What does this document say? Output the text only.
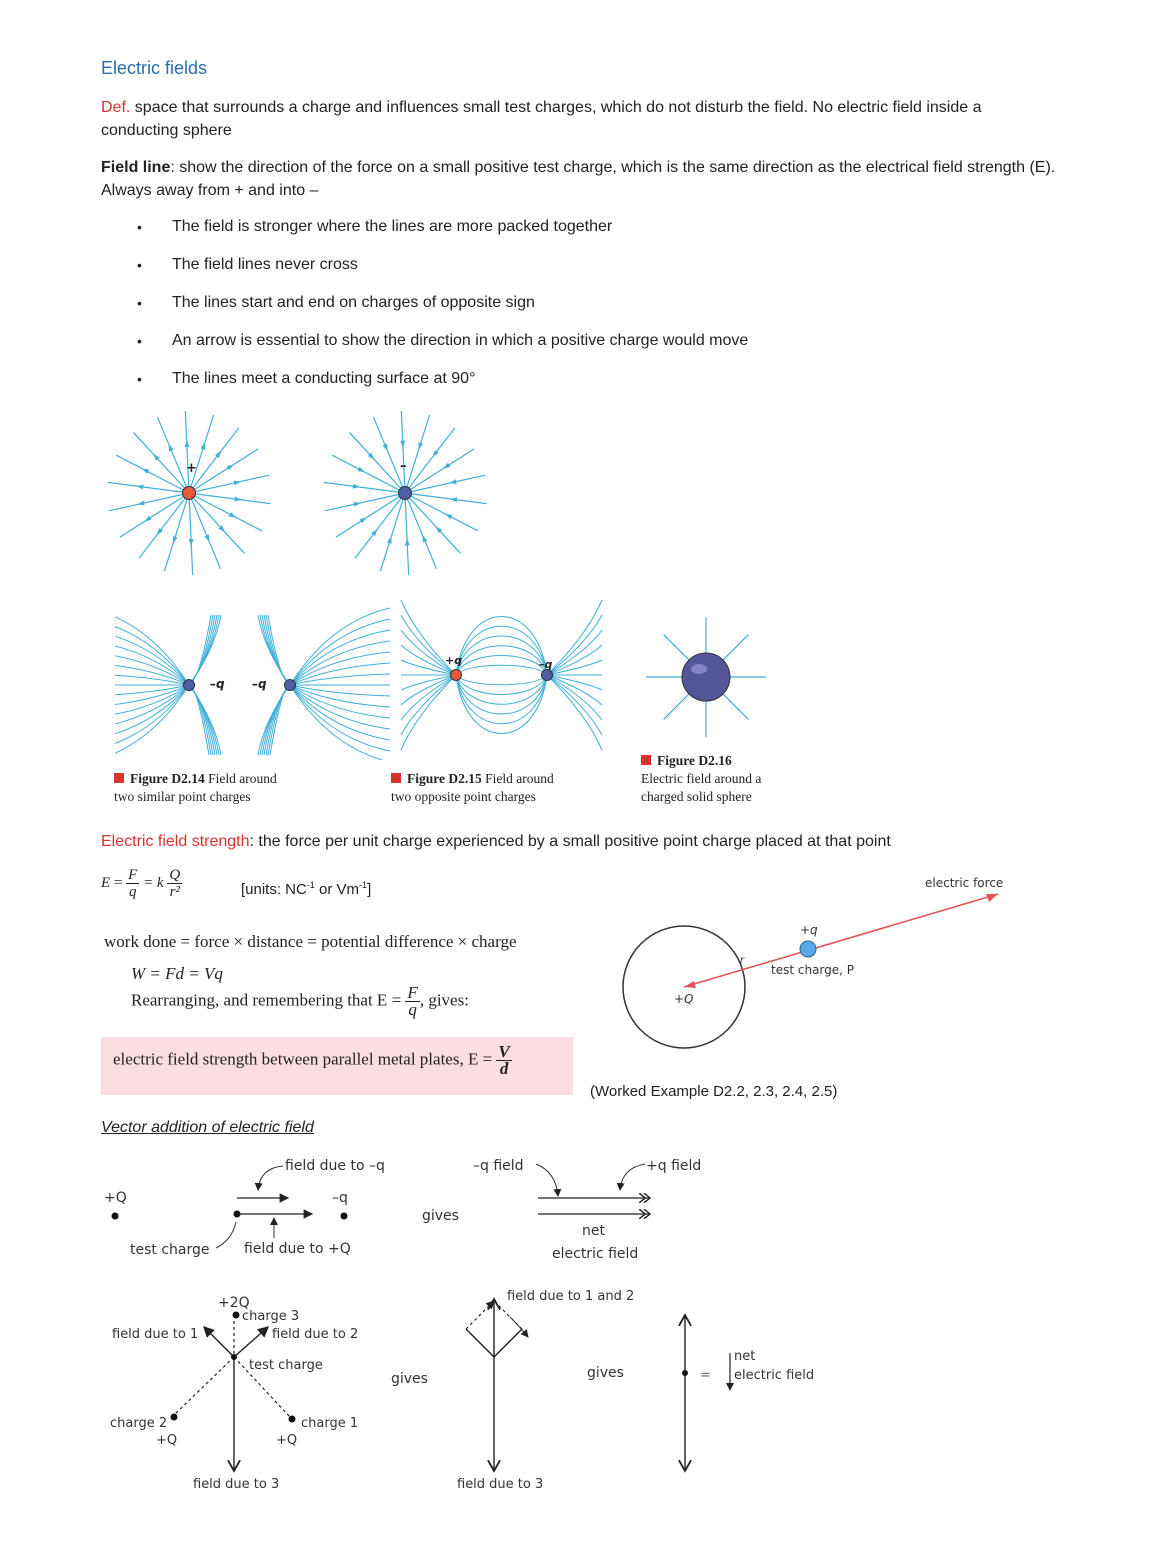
Electric fields
Def. space that surrounds a charge and influences small test charges, which do not disturb the field. No electric field inside a conducting sphere
Field line: show the direction of the force on a small positive test charge, which is the same direction as the electrical field strength (E). Always away from + and into –
• The field is stronger where the lines are more packed together
• The field lines never cross
• The lines start and end on charges of opposite sign
• An arrow is essential to show the direction in which a positive charge would move
• The lines meet a conducting surface at 90°
+	–
–q –q
+q	–q
Figure D2.14 Field around
two similar point charges
Figure D2.15 Field around
two opposite point charges
Figure D2.16
Electric field around a
charged solid sphere
Electric field strength: the force per unit charge experienced by a small positive point charge placed at that point
$E = \frac{F}{q} = k \frac{Q}{\text{r²}}$	[units: $NC^{-1}$ or $Vm^{-1}$]
work done = force × distance = potential difference × charge
W = Fd = Vq
Rearranging, and remembering that $E = \frac{F}{q}$ , gives:
electric field strength between parallel metal plates, $E = \frac{V}{d}$
electric force
+q
test charge, P
r
+Q
(Worked Example D2.2, 2.3, 2.4, 2.5)
Vector addition of electric field
+Q	–q
field due to –q
field due to +Q
test charge
gives
–q field	+q field
net
electric field
+2Q
charge 3
field due to 1	field due to 2
test charge
charge 2
+Q
charge 1
+Q
field due to 3
gives
field due to 1 and 2
field due to 3
gives	=
net
electric field
